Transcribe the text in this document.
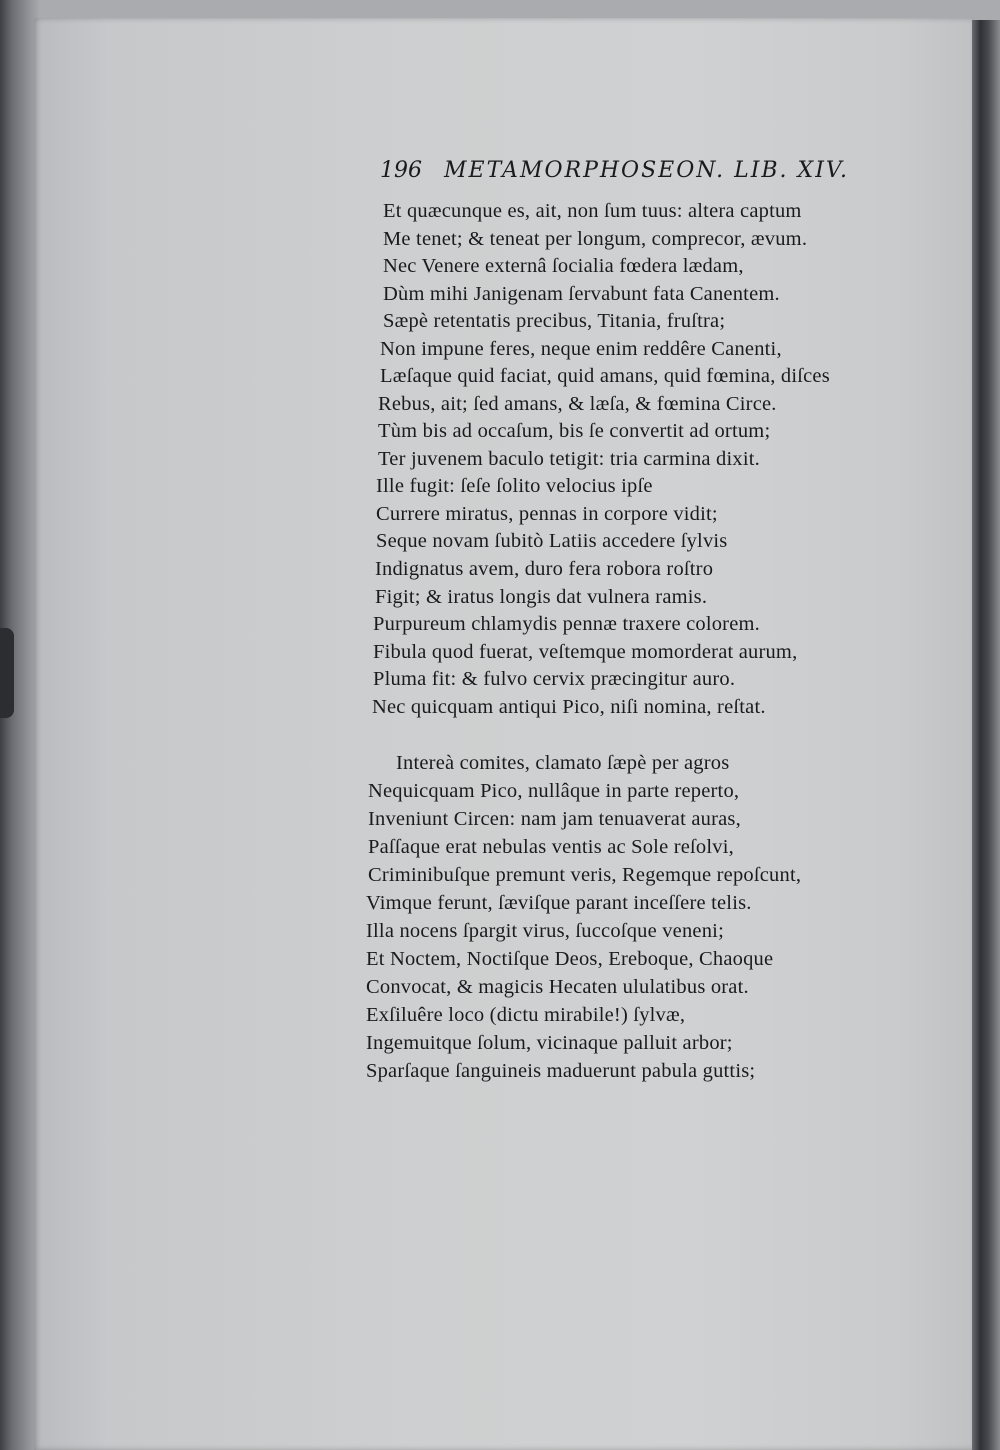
196 METAMORPHOSEON. LIB. XIV.
Et quæcunque es, ait, non ſum tuus: altera captum
Me tenet; & teneat per longum, comprecor, ævum.
Nec Venere externâ ſocialia fœdera lædam,
Dùm mihi Janigenam ſervabunt fata Canentem.
Sæpè retentatis precibus, Titania, fruſtra;
Non impune feres, neque enim reddêre Canenti,
Læſaque quid faciat, quid amans, quid fœmina, diſces
Rebus, ait; ſed amans, & læſa, & fœmina Circe.
Tùm bis ad occaſum, bis ſe convertit ad ortum;
Ter juvenem baculo tetigit: tria carmina dixit.
Ille fugit: ſeſe ſolito velocius ipſe
Currere miratus, pennas in corpore vidit;
Seque novam ſubitò Latiis accedere ſylvis
Indignatus avem, duro fera robora roſtro
Figit; & iratus longis dat vulnera ramis.
Purpureum chlamydis pennæ traxere colorem.
Fibula quod fuerat, veſtemque momorderat aurum,
Pluma fit: & fulvo cervix præcingitur auro.
Nec quicquam antiqui Pico, niſi nomina, reſtat.
Intereà comites, clamato ſæpè per agros
Nequicquam Pico, nullâque in parte reperto,
Inveniunt Circen: nam jam tenuaverat auras,
Paſſaque erat nebulas ventis ac Sole reſolvi,
Criminibuſque premunt veris, Regemque repoſcunt,
Vimque ferunt, ſæviſque parant inceſſere telis.
Illa nocens ſpargit virus, ſuccoſque veneni;
Et Noctem, Noctiſque Deos, Ereboque, Chaoque
Convocat, & magicis Hecaten ululatibus orat.
Exſiluêre loco (dictu mirabile!) ſylvæ,
Ingemuitque ſolum, vicinaque palluit arbor;
Sparſaque ſanguineis maduerunt pabula guttis;
